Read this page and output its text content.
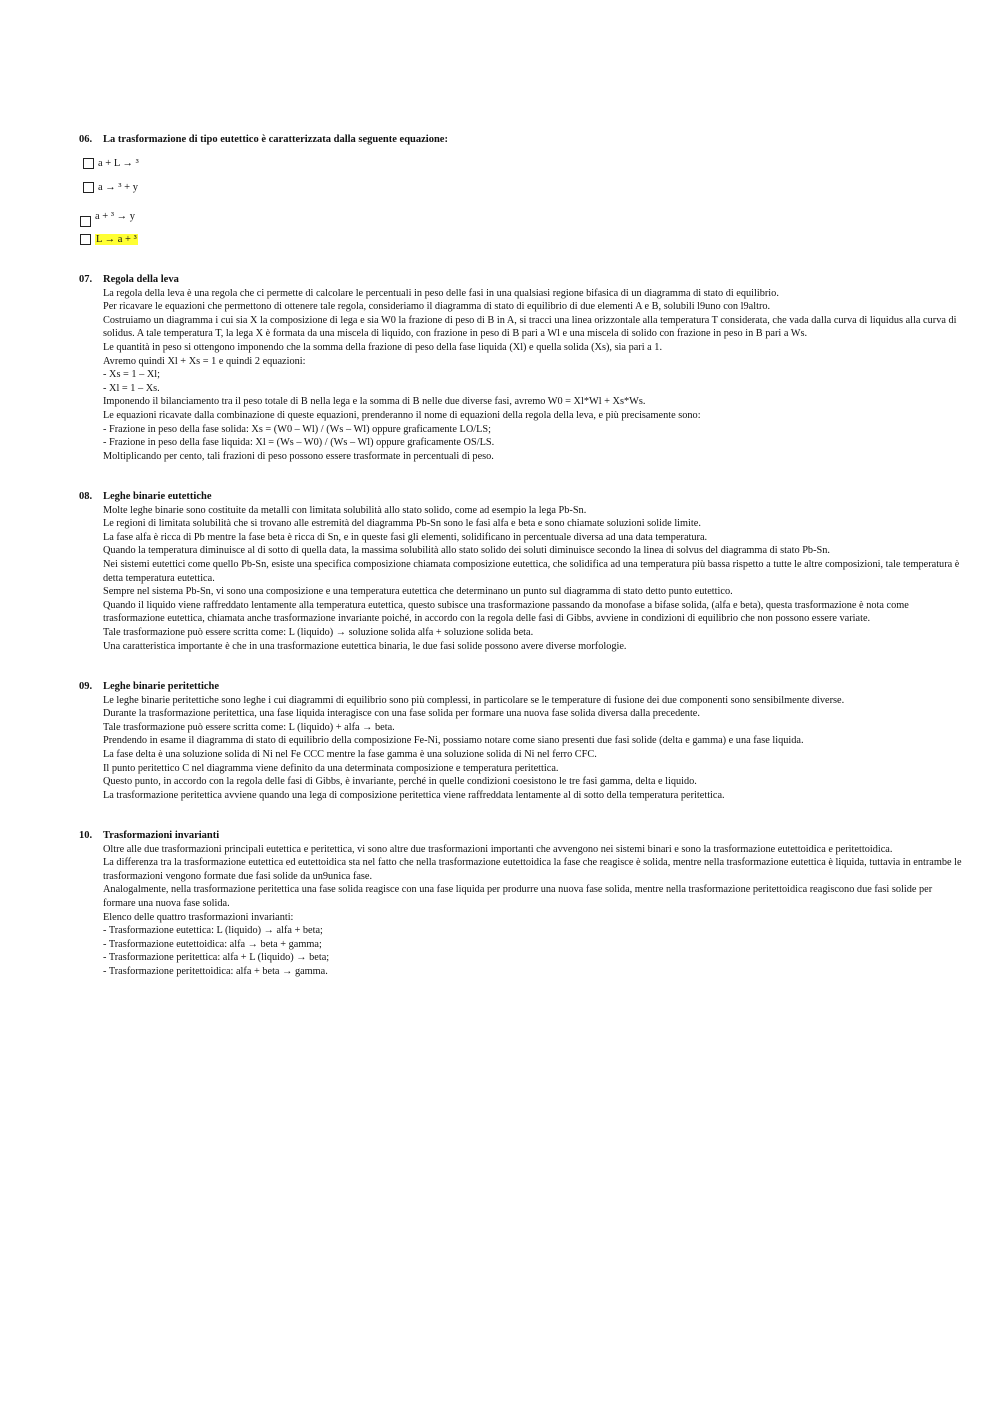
06. La trasformazione di tipo eutettico è caratterizzata dalla seguente equazione:
a + L → ³
a → ³ + y
a + ³ → y
L → a + ³
07. Regola della leva

La regola della leva è una regola che ci permette di calcolare le percentuali in peso delle fasi in una qualsiasi regione bifasica di un diagramma di stato di equilibrio.

Per ricavare le equazioni che permettono di ottenere tale regola, consideriamo il diagramma di stato di equilibrio di due elementi A e B, solubili l9uno con l9altro.

Costruiamo un diagramma i cui sia X la composizione di lega e sia W0 la frazione di peso di B in A, si tracci una linea orizzontale alla temperatura T considerata, che vada dalla curva di liquidus alla curva di solidus. A tale temperatura T, la lega X è formata da una miscela di liquido, con frazione in peso di B pari a Wl e una miscela di solido con frazione in peso in B pari a Ws.

Le quantità in peso si ottengono imponendo che la somma della frazione di peso della fase liquida (Xl) e quella solida (Xs), sia pari a 1.

Avremo quindi Xl + Xs = 1 e quindi 2 equazioni:

- Xs = 1 – Xl;

- Xl = 1 – Xs.

Imponendo il bilanciamento tra il peso totale di B nella lega e la somma di B nelle due diverse fasi, avremo W0 = Xl*Wl + Xs*Ws.

Le equazioni ricavate dalla combinazione di queste equazioni, prenderanno il nome di equazioni della regola della leva, e più precisamente sono:

- Frazione in peso della fase solida: Xs = (W0 – Wl) / (Ws – Wl) oppure graficamente LO/LS;

- Frazione in peso della fase liquida: Xl = (Ws – W0) / (Ws – Wl) oppure graficamente OS/LS.

Moltiplicando per cento, tali frazioni di peso possono essere trasformate in percentuali di peso.

08. Leghe binarie eutettiche

Molte leghe binarie sono costituite da metalli con limitata solubilità allo stato solido, come ad esempio la lega Pb-Sn.

Le regioni di limitata solubilità che si trovano alle estremità del diagramma Pb-Sn sono le fasi alfa e beta e sono chiamate soluzioni solide limite.

La fase alfa è ricca di Pb mentre la fase beta è ricca di Sn, e in queste fasi gli elementi, solidificano in percentuale diversa ad una data temperatura.

Quando la temperatura diminuisce al di sotto di quella data, la massima solubilità allo stato solido dei soluti diminuisce secondo la linea di solvus del diagramma di stato Pb-Sn.

Nei sistemi eutettici come quello Pb-Sn, esiste una specifica composizione chiamata composizione eutettica, che solidifica ad una temperatura più bassa rispetto a tutte le altre composizioni, tale temperatura è detta temperatura eutettica.

Sempre nel sistema Pb-Sn, vi sono una composizione e una temperatura eutettica che determinano un punto sul diagramma di stato detto punto eutettico.

Quando il liquido viene raffreddato lentamente alla temperatura eutettica, questo subisce una trasformazione passando da monofase a bifase solida, (alfa e beta), questa trasformazione è nota come trasformazione eutettica, chiamata anche trasformazione invariante poiché, in accordo con la regola delle fasi di Gibbs, avviene in condizioni di equilibrio che non possono essere variate.

Tale trasformazione può essere scritta come: L (liquido) → soluzione solida alfa + soluzione solida beta.

Una caratteristica importante è che in una trasformazione eutettica binaria, le due fasi solide possono avere diverse morfologie.

09. Leghe binarie peritettiche

Le leghe binarie peritettiche sono leghe i cui diagrammi di equilibrio sono più complessi, in particolare se le temperature di fusione dei due componenti sono sensibilmente diverse.

Durante la trasformazione peritettica, una fase liquida interagisce con una fase solida per formare una nuova fase solida diversa dalla precedente.

Tale trasformazione può essere scritta come: L (liquido) + alfa → beta.

Prendendo in esame il diagramma di stato di equilibrio della composizione Fe-Ni, possiamo notare come siano presenti due fasi solide (delta e gamma) e una fase liquida.

La fase delta è una soluzione solida di Ni nel Fe CCC mentre la fase gamma è una soluzione solida di Ni nel ferro CFC.

Il punto peritettico C nel diagramma viene definito da una determinata composizione e temperatura peritettica.

Questo punto, in accordo con la regola delle fasi di Gibbs, è invariante, perché in quelle condizioni coesistono le tre fasi gamma, delta e liquido.

La trasformazione peritettica avviene quando una lega di composizione peritettica viene raffreddata lentamente al di sotto della temperatura peritettica.

10. Trasformazioni invarianti

Oltre alle due trasformazioni principali eutettica e peritettica, vi sono altre due trasformazioni importanti che avvengono nei sistemi binari e sono la trasformazione eutettoidica e peritettoidica.

La differenza tra la trasformazione eutettica ed eutettoidica sta nel fatto che nella trasformazione eutettoidica la fase che reagisce è solida, mentre nella trasformazione eutettica è liquida, tuttavia in entrambe le trasformazioni vengono formate due fasi solide da un9unica fase.

Analogalmente, nella trasformazione peritettica una fase solida reagisce con una fase liquida per produrre una nuova fase solida, mentre nella trasformazione peritettoidica reagiscono due fasi solide per formare una nuova fase solida.

Elenco delle quattro trasformazioni invarianti:

- Trasformazione eutettica: L (liquido) → alfa + beta;

- Trasformazione eutettoidica: alfa → beta + gamma;

- Trasformazione peritettica: alfa + L (liquido) → beta;

- Trasformazione peritettoidica: alfa + beta → gamma.
